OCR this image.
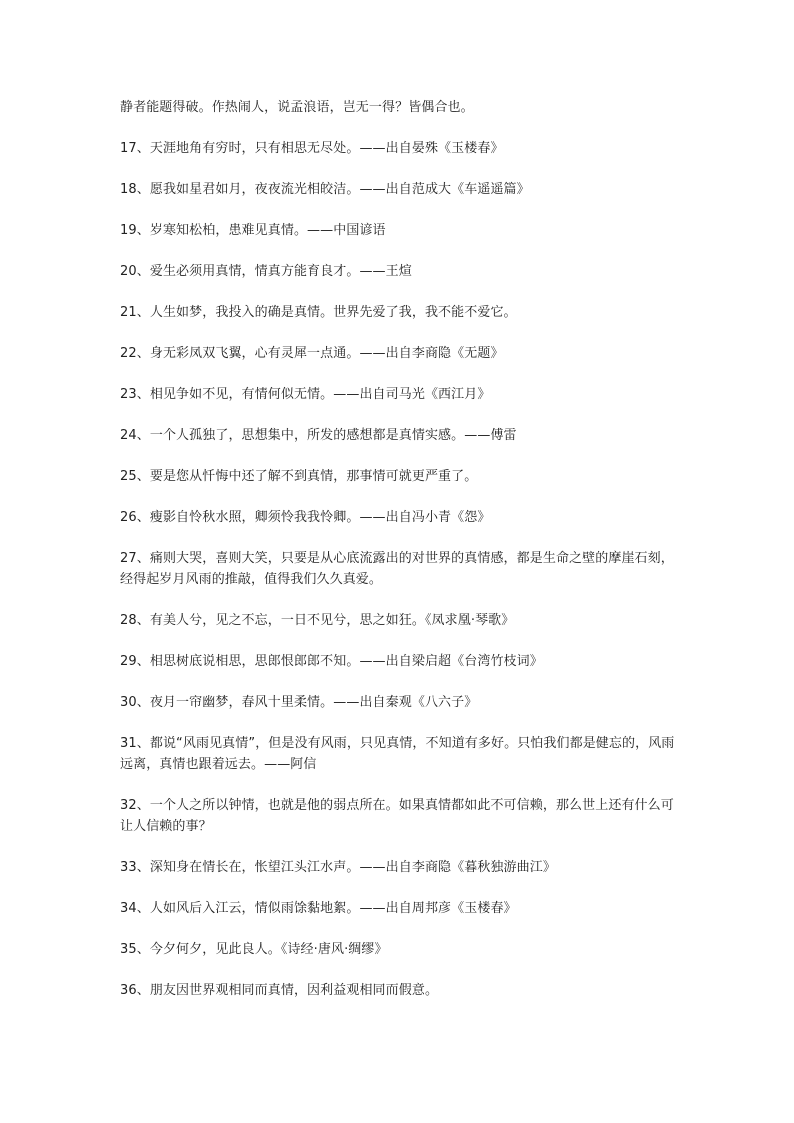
静者能题得破。作热闹人，说孟浪语，岂无一得？皆偶合也。

17、天涯地角有穷时，只有相思无尽处。——出自晏殊《玉楼春》

18、愿我如星君如月，夜夜流光相皎洁。——出自范成大《车遥遥篇》

19、岁寒知松柏，患难见真情。——中国谚语

20、爱生必须用真情，情真方能育良才。——王煊

21、人生如梦，我投入的确是真情。世界先爱了我，我不能不爱它。

22、身无彩凤双飞翼，心有灵犀一点通。——出自李商隐《无题》

23、相见争如不见，有情何似无情。——出自司马光《西江月》

24、一个人孤独了，思想集中，所发的感想都是真情实感。——傅雷

25、要是您从忏悔中还了解不到真情，那事情可就更严重了。

26、瘦影自怜秋水照，卿须怜我我怜卿。——出自冯小青《怨》

27、痛则大哭，喜则大笑，只要是从心底流露出的对世界的真情感，都是生命之壁的摩崖石刻，经得起岁月风雨的推敲，值得我们久久真爱。

28、有美人兮，见之不忘，一日不见兮，思之如狂。《凤求凰·琴歌》

29、相思树底说相思，思郎恨郎郎不知。——出自梁启超《台湾竹枝词》

30、夜月一帘幽梦，春风十里柔情。——出自秦观《八六子》

31、都说“风雨见真情”，但是没有风雨，只见真情，不知道有多好。只怕我们都是健忘的，风雨远离，真情也跟着远去。——阿信

32、一个人之所以钟情，也就是他的弱点所在。如果真情都如此不可信赖，那么世上还有什么可让人信赖的事？

33、深知身在情长在，怅望江头江水声。——出自李商隐《暮秋独游曲江》

34、人如风后入江云，情似雨馀黏地絮。——出自周邦彦《玉楼春》

35、今夕何夕，见此良人。《诗经·唐风·绸缪》

36、朋友因世界观相同而真情，因利益观相同而假意。
